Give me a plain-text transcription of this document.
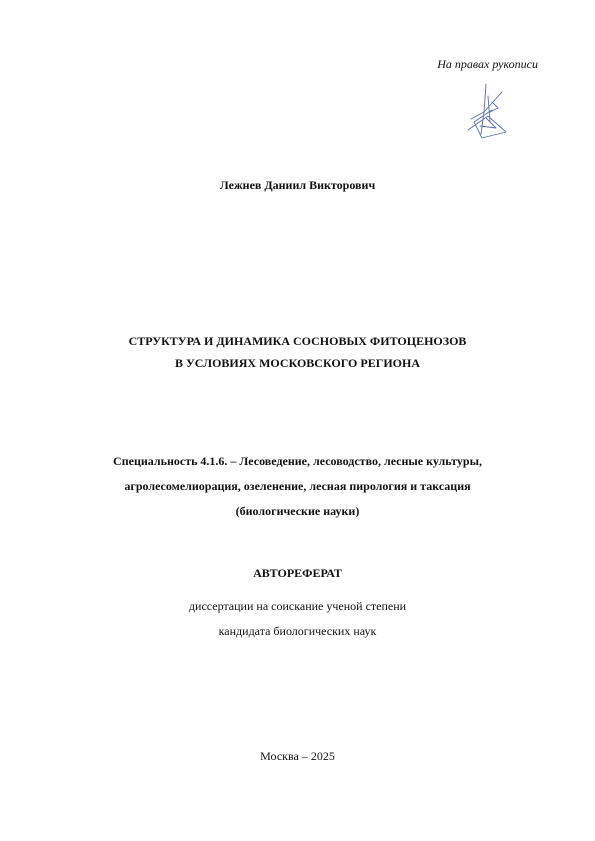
На правах рукописи
Лежнев Даниил Викторович
СТРУКТУРА И ДИНАМИКА СОСНОВЫХ ФИТОЦЕНОЗОВ
В УСЛОВИЯХ МОСКОВСКОГО РЕГИОНА
Специальность 4.1.6. – Лесоведение, лесоводство, лесные культуры,
агролесомелиорация, озеленение, лесная пирология и таксация
(биологические науки)
АВТОРЕФЕРАТ
диссертации на соискание ученой степени
кандидата биологических наук
Москва – 2025
